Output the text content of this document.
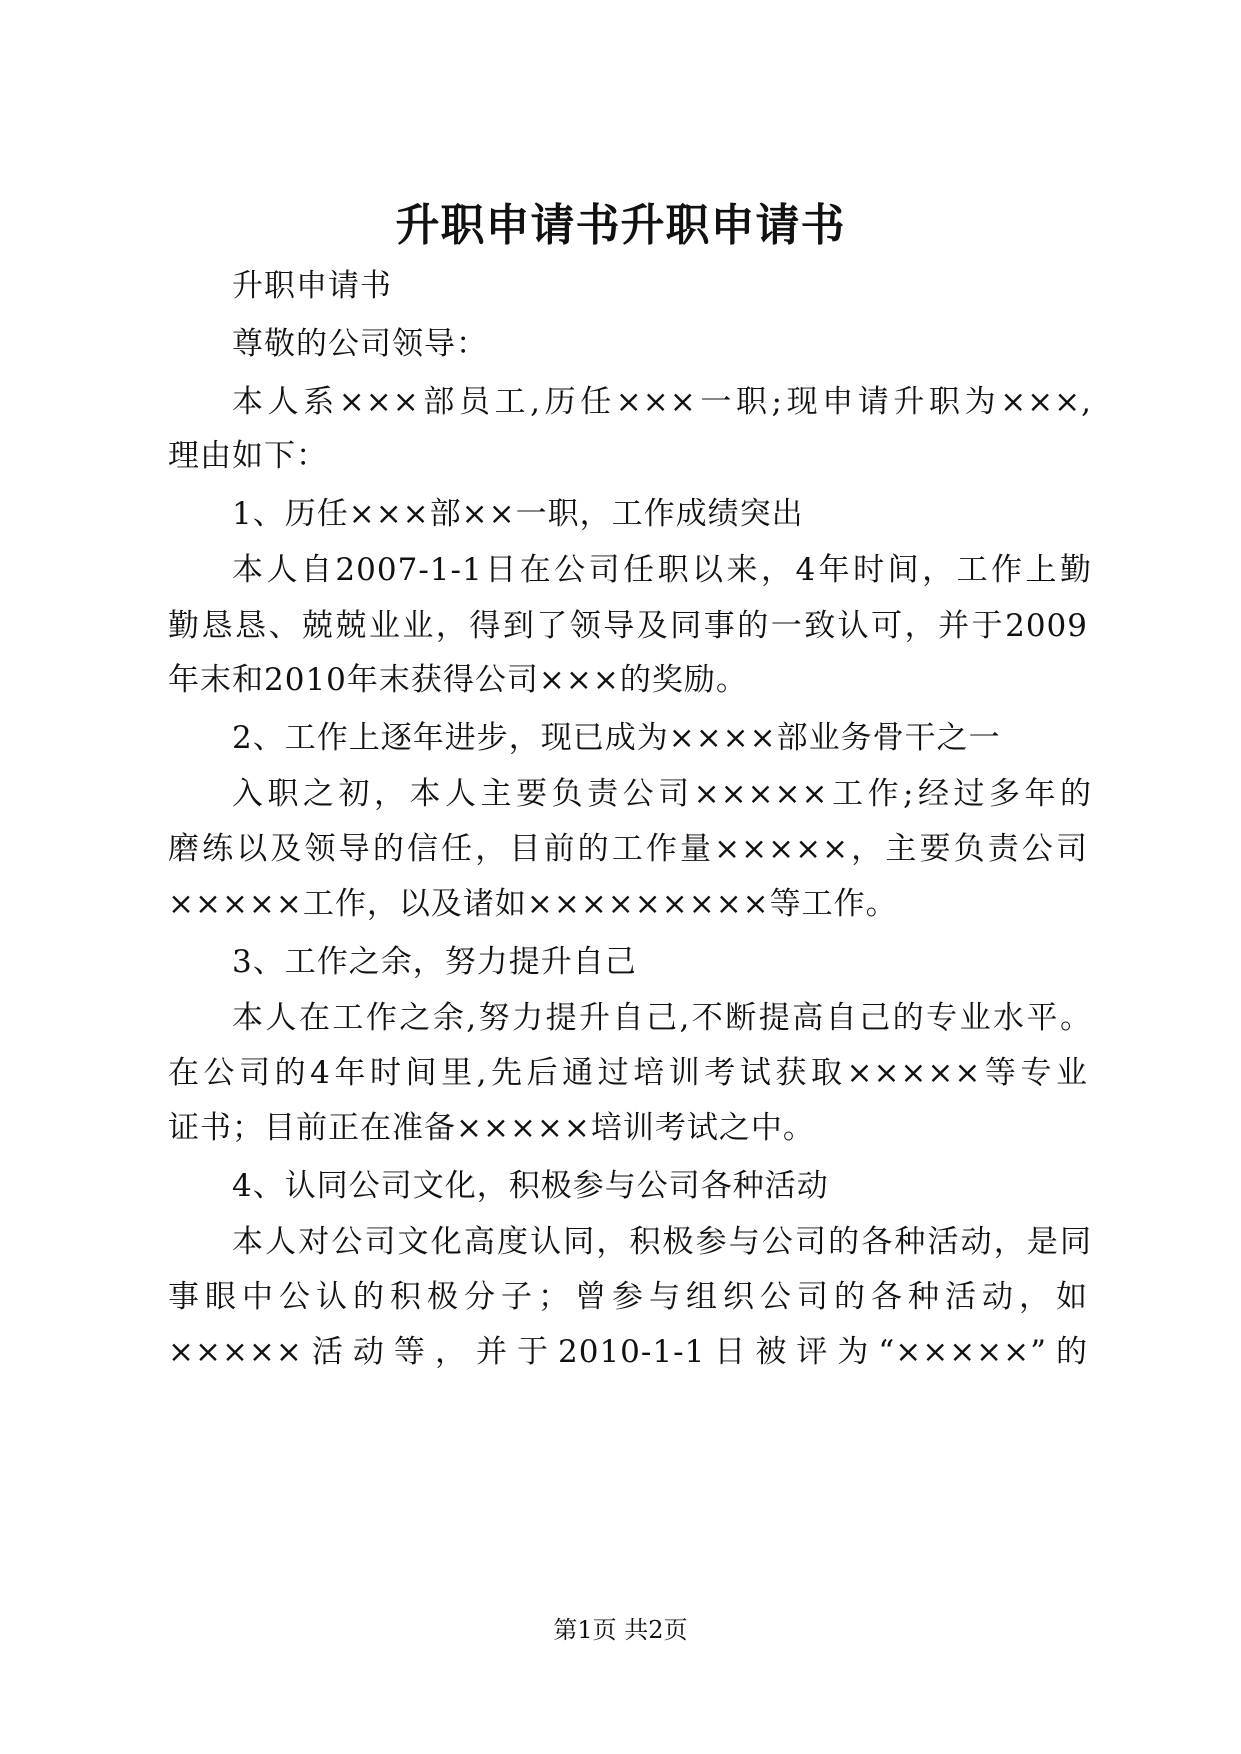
升职申请书升职申请书
升职申请书
尊敬的公司领导：
本人系×××部员工,历任×××一职;现申请升职为×××,
理由如下：
1、历任×××部××一职，工作成绩突出
本人自2007-1-1日在公司任职以来，4年时间，工作上勤
勤恳恳、兢兢业业，得到了领导及同事的一致认可，并于2009
年末和2010年末获得公司×××的奖励。
2、工作上逐年进步，现已成为××××部业务骨干之一
入职之初，本人主要负责公司×××××工作;经过多年的
磨练以及领导的信任，目前的工作量×××××，主要负责公司
×××××工作，以及诸如×××××××××等工作。
3、工作之余，努力提升自己
本人在工作之余,努力提升自己,不断提高自己的专业水平。
在公司的4年时间里,先后通过培训考试获取×××××等专业
证书；目前正在准备×××××培训考试之中。
4、认同公司文化，积极参与公司各种活动
本人对公司文化高度认同，积极参与公司的各种活动，是同
事眼中公认的积极分子；曾参与组织公司的各种活动，如
×××××活动等，并于2010-1-1日被评为“×××××”的
第1页 共2页
